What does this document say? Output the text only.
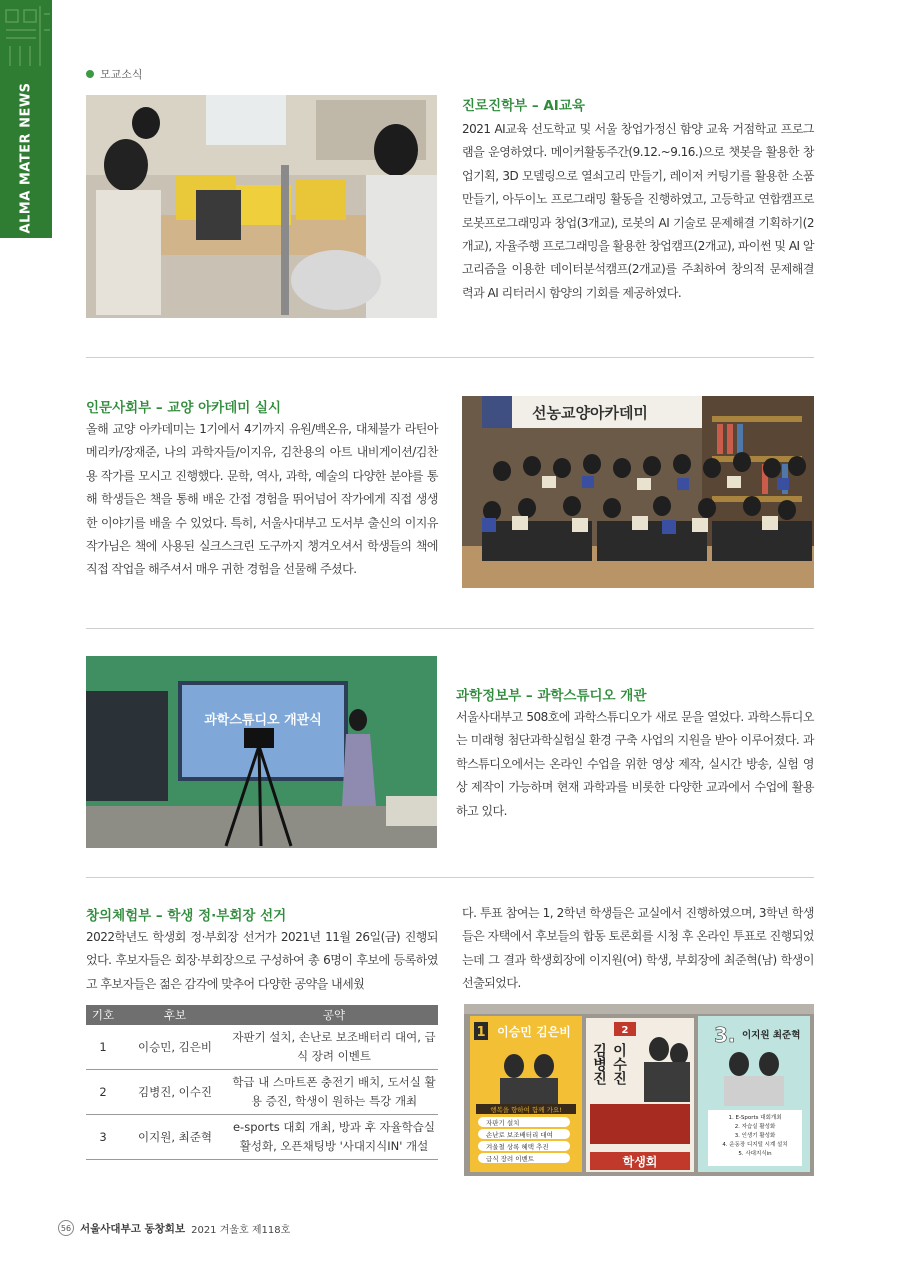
ALMA MATER NEWS
모교소식
진로진학부 – AI교육
2021 AI교육 선도학교 및 서울 창업가정신 함양 교육 거점학교 프로그램을 운영하였다. 메이커활동주간(9.12.~9.16.)으로 챗봇을 활용한 창업기획, 3D 모델링으로 열쇠고리 만들기, 레이저 커팅기를 활용한 소품 만들기, 아두이노 프로그래밍 활동을 진행하였고, 고등학교 연합캠프로 로봇프로그래밍과 창업(3개교), 로봇의 AI 기술로 문제해결 기획하기(2개교), 자율주행 프로그래밍을 활용한 창업캠프(2개교), 파이썬 및 AI 알고리즘을 이용한 데이터분석캠프(2개교)를 주최하여 창의적 문제해결력과 AI 리터러시 함양의 기회를 제공하였다.
인문사회부 – 교양 아카데미 실시
올해 교양 아카데미는 1기에서 4기까지 유원/백온유, 대체불가 라틴아메리카/장재준, 나의 과학자들/이지유, 김찬용의 아트 내비게이션/김찬용 작가를 모시고 진행했다. 문학, 역사, 과학, 예술의 다양한 분야를 통해 학생들은 책을 통해 배운 간접 경험을 뛰어넘어 작가에게 직접 생생한 이야기를 배울 수 있었다. 특히, 서울사대부고 도서부 출신의 이지유 작가님은 책에 사용된 실크스크린 도구까지 챙겨오셔서 학생들의 책에 직접 작업을 해주셔서 매우 귀한 경험을 선물해 주셨다.
선농교양아카데미
과학스튜디오 개관식
과학정보부 – 과학스튜디오 개관
서울사대부고 508호에 과학스튜디오가 새로 문을 열었다. 과학스튜디오는 미래형 첨단과학실험실 환경 구축 사업의 지원을 받아 이루어졌다. 과학스튜디오에서는 온라인 수업을 위한 영상 제작, 실시간 방송, 실험 영상 제작이 가능하며 현재 과학과를 비롯한 다양한 교과에서 수업에 활용하고 있다.
창의체험부 – 학생 정·부회장 선거
2022학년도 학생회 정·부회장 선거가 2021년 11월 26일(금) 진행되었다. 후보자들은 회장·부회장으로 구성하여 총 6명이 후보에 등록하였고 후보자들은 젊은 감각에 맞추어 다양한 공약을 내세웠
다. 투표 참여는 1, 2학년 학생들은 교실에서 진행하였으며, 3학년 학생들은 자택에서 후보들의 합동 토론회를 시청 후 온라인 투표로 진행되었는데 그 결과 학생회장에 이지원(여) 학생, 부회장에 최준혁(남) 학생이 선출되었다.
기호	후보	공약
1	이승민, 김은비	자판기 설치, 손난로 보조배터리 대여, 급식 장려 이벤트
2	김병진, 이수진	학급 내 스마트폰 충전기 배치, 도서실 활용 증진, 학생이 원하는 특강 개최
3	이지원, 최준혁	e-sports 대회 개최, 방과 후 자율학습실 활성화, 오픈채팅방 '사대지식IN' 개설
1 이승민 김은비
행복을 향하여 함께 가요!
자판기 설치
손난로 보조배터리 대여
겨울철 상록 혜택 추진
급식 장려 이벤트
2
김병진 이수진
학생회
3. 이지원 최준혁
1. E-Sports 대회개최
2. 자습실 활성화
3. 인생기 활성화
4. 운동장 디지털 시계 설치
5. 사대지식in
56 서울사대부고 동창회보 2021 겨울호 제118호
